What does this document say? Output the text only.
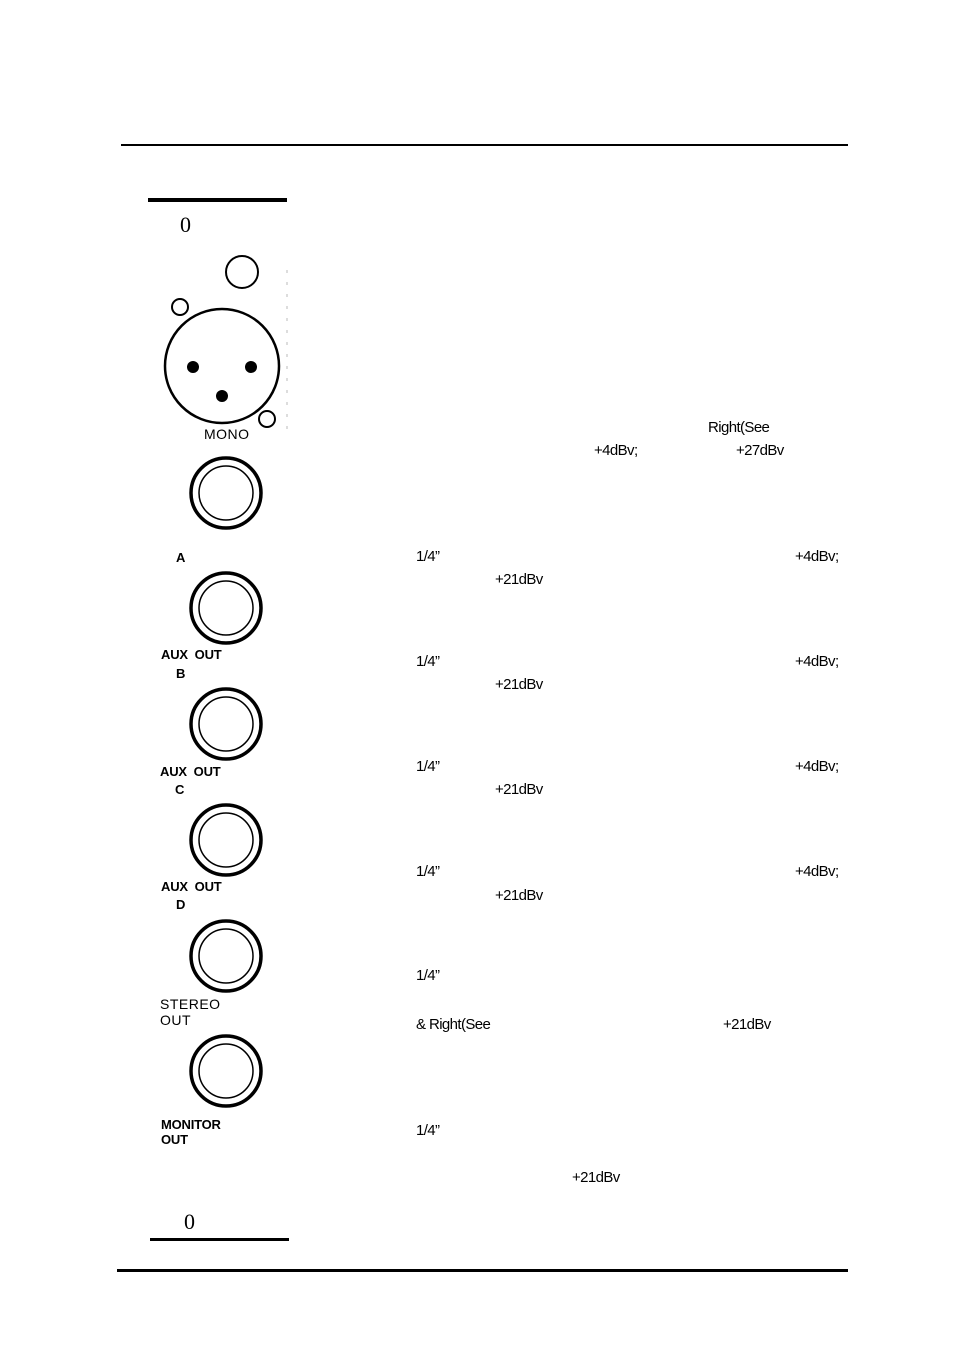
0
MONO
A
AUX  OUT
B
AUX  OUT
C
AUX  OUT
D
STEREO
OUT
MONITOR
OUT
0
Right(See
+4dBv;	+27dBv
1/4”	+4dBv;
+21dBv
1/4”	+4dBv;
+21dBv
1/4”	+4dBv;
+21dBv
1/4”	+4dBv;
+21dBv
1/4”
& Right(See	+21dBv
1/4”
+21dBv
